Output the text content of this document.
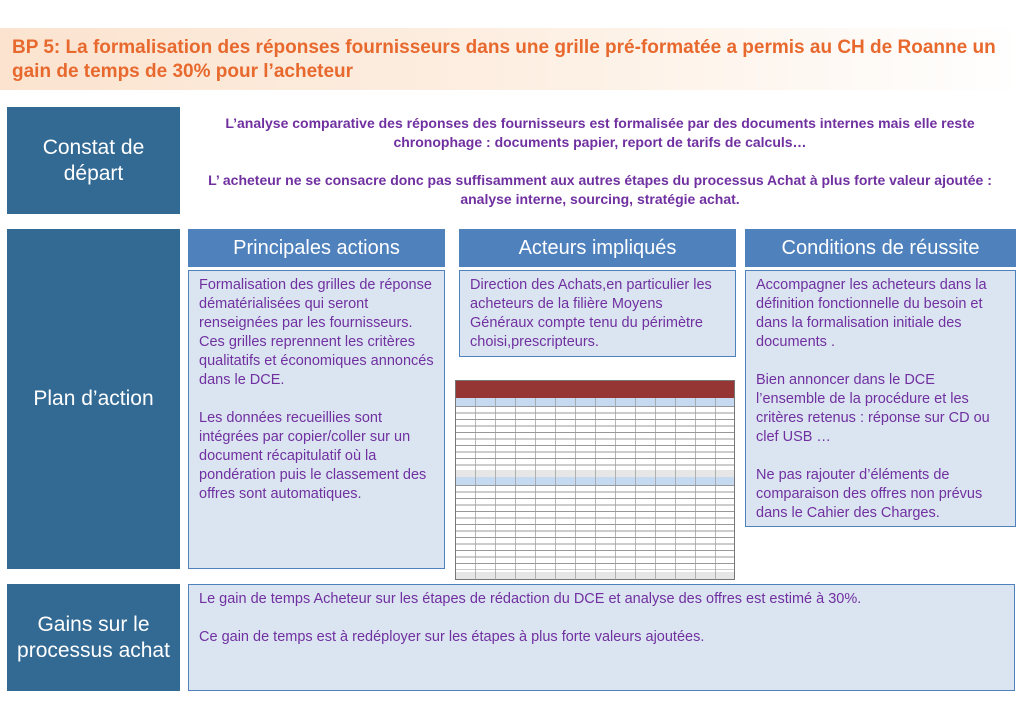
BP 5: La formalisation des réponses fournisseurs dans une grille pré-formatée a permis au CH de Roanne un gain de temps de 30% pour l’acheteur
Constat de départ

L’analyse comparative des réponses des fournisseurs est formalisée par des documents internes mais elle reste chronophage : documents papier, report de tarifs de calculs…

L’ acheteur ne se consacre donc pas suffisamment aux autres étapes du processus Achat à plus forte valeur ajoutée : analyse interne, sourcing, stratégie achat.

Plan d’action
Principales actions	Acteurs impliqués	Conditions de réussite

Formalisation des grilles de réponse dématérialisées qui seront renseignées par les fournisseurs. Ces grilles reprennent les critères qualitatifs et économiques annoncés dans le DCE.

Les données recueillies sont intégrées par copier/coller sur un document récapitulatif où la pondération puis le classement des offres sont automatiques.

Direction des Achats,en particulier les acheteurs de la filière Moyens Généraux compte tenu du périmètre choisi,prescripteurs.

Accompagner les acheteurs dans la définition fonctionnelle du besoin et dans la formalisation initiale des documents .

Bien annoncer dans le DCE l’ensemble de la procédure et les critères retenus : réponse sur CD ou clef USB …

Ne pas rajouter d’éléments de comparaison des offres non prévus dans le Cahier des Charges.

Gains sur le processus achat

Le gain de temps Acheteur sur les étapes de rédaction du DCE et analyse des offres est estimé à 30%.

Ce gain de temps est à redéployer sur les étapes à plus forte valeurs ajoutées.
